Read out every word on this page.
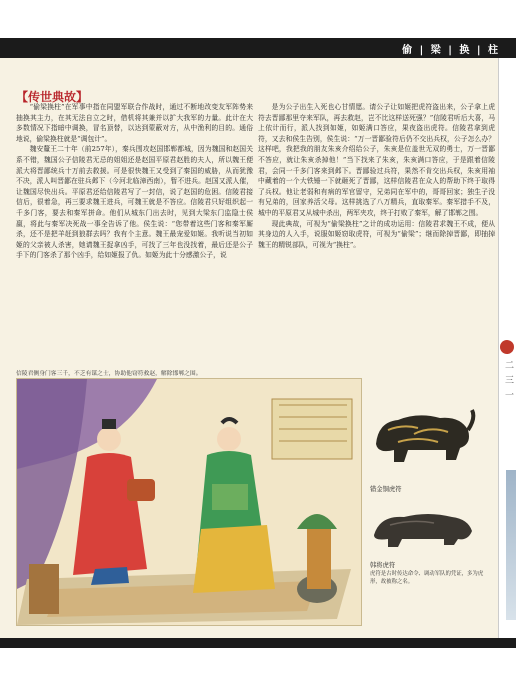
偷 | 梁 | 换 | 柱
二三一
【传世典故】

“偷梁换柱”在军事中指在同盟军联合作战时，通过不断地改变友军阵势来抽换其主力，在其无法自立之时，借机将其兼并以扩大我军的力量。此计在大多数情况下指暗中调换，冒名顶替，以达到蒙蔽对方，从中渔利的目的。通俗地说，偷梁换柱就是“调包计”。

魏安釐王二十年（前257年），秦兵围攻赵国邯郸都城，因为魏国和赵国关系不错，魏国公子信陵君无忌的姐姐还是赵国平原君赵胜的夫人，所以魏王便派大将晋鄙统兵十万前去救援。可是很快魏王又受到了秦国的威胁，从而犹豫不决，派人叫晋鄙在驻兵邺下（今河北临漳西南），暂不进兵。赵国又派人催，让魏国尽快出兵。平原君还给信陵君写了一封信，说了赵国的危困。信陵君接信后，很着急，再三要求魏王进兵，可魏王就是不答应。信陵君只好组织起一千多门客，要去和秦军拼命。他们从城东门出去时，见到大梁东门监隐士侯嬴，将此与秦军决死战一事全告诉了他。侯生说：“您带着这些门客和秦军厮杀，还不是把羊赶到狼群去吗？我有个主意。魏王最宠爱如姬。我听说当初如姬的父亲被人杀害，她请魏王捉拿凶手，可找了三年也没找着，最后还是公子手下的门客杀了那个凶手，给如姬报了仇。如姬为此十分感激公子，说

是为公子出生入死也心甘情愿。请公子让如姬把虎符盗出来，公子拿上虎符去晋鄙那里夺来军队，再去救赵，岂不比这样送死强？”信陵君听后大喜，马上依计而行，派人找到如姬，如姬满口答应，果夜盗出虎符。信陵君拿到虎符，又去和侯生告别，侯生说：“万一晋鄙验符后仍不交出兵权，公子怎么办？这样吧，我把我的朋友朱亥介绍给公子，朱亥是位盖世无双的勇士，万一晋鄙不答应，就让朱亥杀掉他！”当下找来了朱亥，朱亥满口答应，于是跟着信陵君，会同一千多门客来到邺下。晋鄙验过兵符，果然不肯交出兵权，朱亥用袖中藏着的一个大铁锤一下就砸死了晋鄙，这样信陵君在众人的帮助下终于取得了兵权。他让老弱和有病的军官留守，兄弟同在军中的，哥哥回家；独生子没有兄弟的，回家养活父母。这样挑选了八万精兵，直取秦军。秦军措手不及，城中的平原君又从城中杀出，两军夹攻，终于打败了秦军，解了邯郸之围。

现此典故，可视为“偷梁换柱”之计的成功运用：信陵君求魏王不成，便从其身边的人入手，说服如姬窃取虎符，可视为“偷梁”；继而除掉晋鄙，即抽掉魏王的精锐部队，可视为“换柱”。

信陵君侧身门客三千，不乏有谋之士，协助他窃符救赵，解除邯郸之围。
错金铜虎符
韩将虎符
虎符是古时传达命令、调动军队的凭证，多为虎形，故被称之名。
